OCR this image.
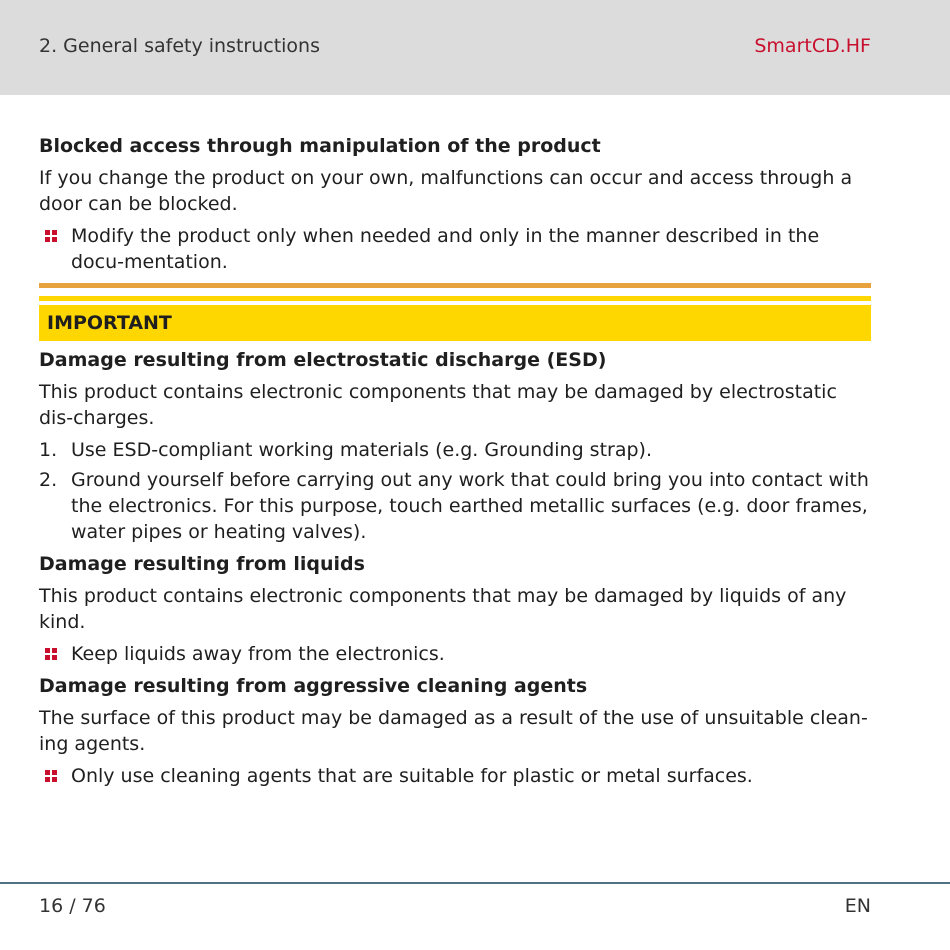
2. General safety instructions	SmartCD.HF
Blocked access through manipulation of the product
If you change the product on your own, malfunctions can occur and access through a door can be blocked.
Modify the product only when needed and only in the manner described in the docu-mentation.
IMPORTANT
Damage resulting from electrostatic discharge (ESD)
This product contains electronic components that may be damaged by electrostatic dis-charges.
1. Use ESD-compliant working materials (e.g. Grounding strap).
2. Ground yourself before carrying out any work that could bring you into contact with the electronics. For this purpose, touch earthed metallic surfaces (e.g. door frames, water pipes or heating valves).
Damage resulting from liquids
This product contains electronic components that may be damaged by liquids of any kind.
Keep liquids away from the electronics.
Damage resulting from aggressive cleaning agents
The surface of this product may be damaged as a result of the use of unsuitable clean-ing agents.
Only use cleaning agents that are suitable for plastic or metal surfaces.
16 / 76	EN
